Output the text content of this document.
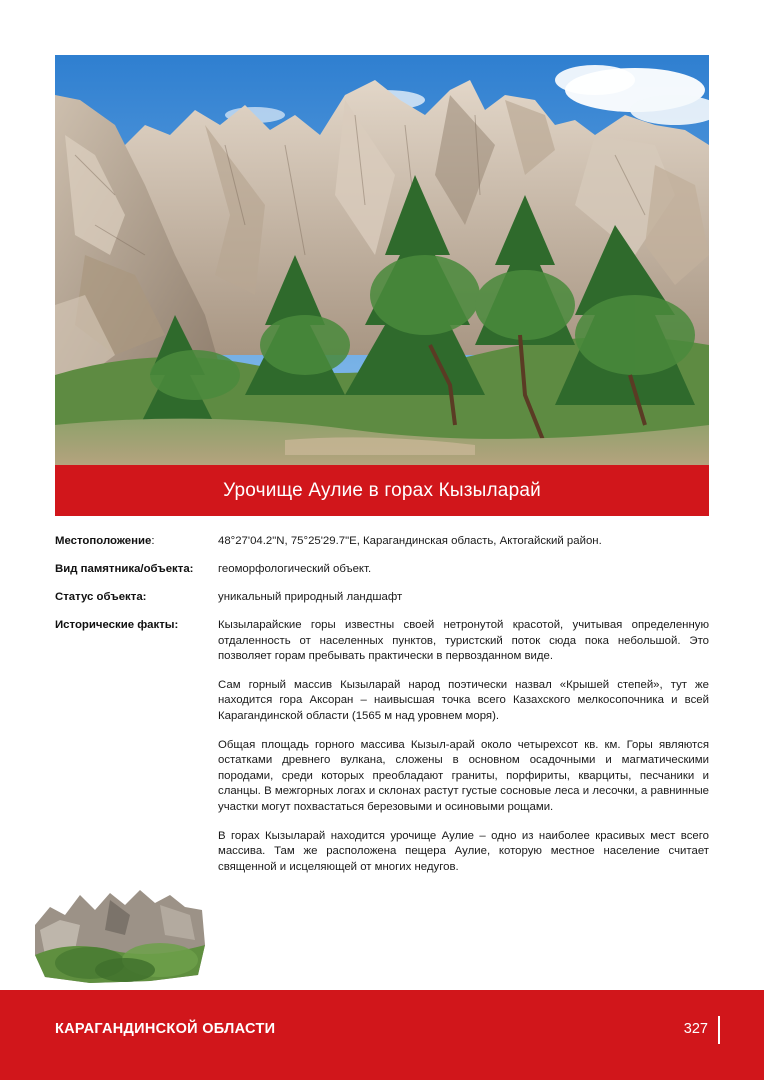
Урочище Аулие в горах Кызыларай
Местоположение:	48°27'04.2"N, 75°25'29.7"E, Карагандинская область, Актогайский район.
Вид памятника/объекта:	геоморфологический объект.
Статус объекта:	уникальный природный ландшафт
Исторические факты:	Кызыларайские горы известны своей нетронутой красотой, учитывая определенную отдаленность от населенных пунктов, туристский поток сюда пока небольшой. Это позволяет горам пребывать практически в первозданном виде.

Сам горный массив Кызыларай народ поэтически назвал «Крышей степей», тут же находится гора Аксоран – наивысшая точка всего Казахского мелкосопочника и всей Карагандинской области (1565 м над уровнем моря).

Общая площадь горного массива Кызыл-арай около четырехсот кв. км. Горы являются остатками древнего вулкана, сложены в основном осадочными и магматическими породами, среди которых преобладают граниты, порфириты, кварциты, песчаники и сланцы. В межгорных логах и склонах растут густые сосновые леса и лесочки, а равнинные участки могут похвастаться березовыми и осиновыми рощами.

В горах Кызыларай находится урочище Аулие – одно из наиболее красивых мест всего массива. Там же расположена пещера Аулие, которую местное население считает священной и исцеляющей от многих недугов.

КАРАГАНДИНСКОЙ ОБЛАСТИ	327
